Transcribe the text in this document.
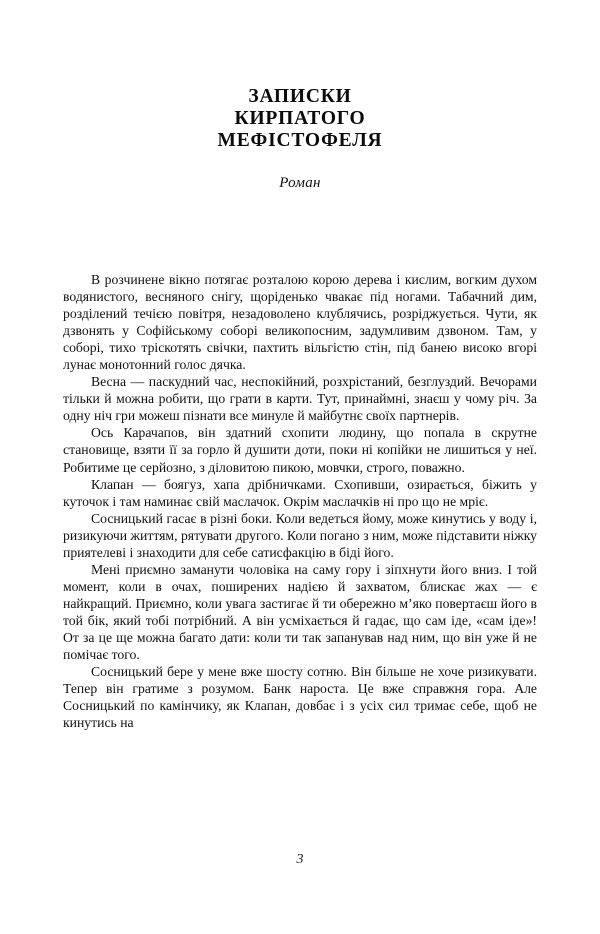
ЗАПИСКИ
КИРПАТОГО
МЕФІСТОФЕЛЯ

Роман

В розчинене вікно потягає розталою корою дерева і кислим, вогким духом водянистого, весняного снігу, щоріденько чвакає під ногами. Табачний дим, розділений течією повітря, незадоволено клублячись, розріджується. Чути, як дзвонять у Софійському соборі великопосним, задумливим дзвоном. Там, у соборі, тихо тріскотять свічки, пахтить вільгістю стін, під банею високо вгорі лунає монотонний голос дячка.

Весна — паскудний час, неспокійний, розхрістаний, безглуздий. Вечорами тільки й можна робити, що грати в карти. Тут, принаймні, знаєш у чому річ. За одну ніч гри можеш пізнати все минуле й майбутнє своїх партнерів.

Ось Карачапов, він здатний схопити людину, що попала в скрутне становище, взяти її за горло й душити доти, поки ні копійки не лишиться у неї. Робитиме це серйозно, з діловитою пикою, мовчки, строго, поважно.

Клапан — боягуз, хапа дрібничками. Схопивши, озирається, біжить у куточок і там наминає свій маслачок. Окрім маслачків ні про що не мріє.

Сосницький гасає в різні боки. Коли ведеться йому, може кинутись у воду і, ризикуючи життям, рятувати другого. Коли погано з ним, може підставити ніжку приятелеві і знаходити для себе сатисфакцію в біді його.

Мені приємно заманути чоловіка на саму гору і зіпхнути його вниз. І той момент, коли в очах, поширених надією й захватом, блискає жах — є найкращий. Приємно, коли увага застигає й ти обережно м’яко повертаєш його в той бік, який тобі потрібний. А він усміхається й гадає, що сам іде, «сам іде»! От за це ще можна багато дати: коли ти так запанував над ним, що він уже й не помічає того.

Сосницький бере у мене вже шосту сотню. Він більше не хоче ризикувати. Тепер він гратиме з розумом. Банк нароста. Це вже справжня гора. Але Сосницький по камінчику, як Клапан, довбає і з усіх сил тримає себе, щоб не кинутись на

3
